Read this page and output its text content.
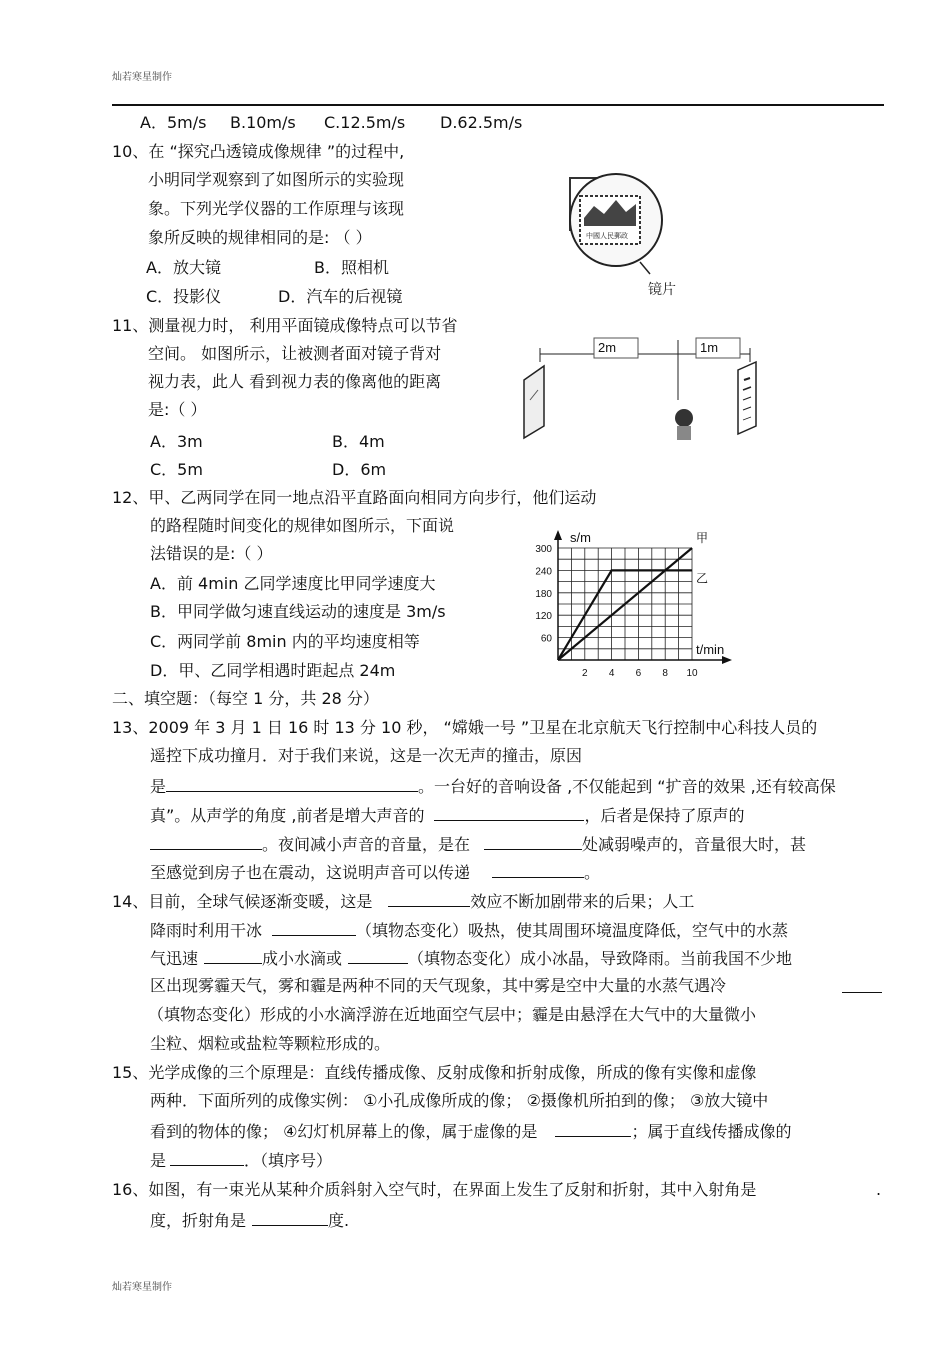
灿若寒星制作
A．5m/s B.10m/s C.12.5m/s D.62.5m/s
10、在 “探究凸透镜成像规律 ”的过程中,
小明同学观察到了如图所示的实验现
象。下列光学仪器的工作原理与该现
象所反映的规律相同的是: （ ）
A．放大镜	B．照相机
C．投影仪	D．汽车的后视镜
中國人民郵政
镜片
11、测量视力时， 利用平面镜成像特点可以节省
空间。 如图所示，让被测者面对镜子背对
视力表，此人 看到视力表的像离他的距离
是:（ ）
A．3m	B．4m
C．5m	D．6m
2m	1m
12、甲、乙两同学在同一地点沿平直路面向相同方向步行，他们运动
的路程随时间变化的规律如图所示，下面说
法错误的是:（ ）
A．前 4min 乙同学速度比甲同学速度大
B．甲同学做匀速直线运动的速度是 3m/s
C．两同学前 8min 内的平均速度相等
D．甲、乙同学相遇时距起点 24m
60
120
180
240
300
2 4 6 8 10
甲
乙
s/m
t/min
二、填空题：（每空 1 分，共 28 分）
13、2009 年 3 月 1 日 16 时 13 分 10 秒， “嫦娥一号 ”卫星在北京航天飞行控制中心科技人员的
遥控下成功撞月．对于我们来说，这是一次无声的撞击，原因
是	。一台好的音响设备 ,不仅能起到 “扩音的效果 ,还有较高保
真”。从声学的角度 ,前者是增大声音的	，后者是保持了原声的
。夜间减小声音的音量，是在	处减弱噪声的，音量很大时，甚
至感觉到房子也在震动，这说明声音可以传递	。
14、目前，全球气候逐渐变暖，这是	效应不断加剧带来的后果；人工
降雨时利用干冰	（填物态变化）吸热，使其周围环境温度降低，空气中的水蒸
气迅速	成小水滴或	（填物态变化）成小冰晶，导致降雨。当前我国不少地
区出现雾霾天气，雾和霾是两种不同的天气现象，其中雾是空中大量的水蒸气遇冷
（填物态变化）形成的小水滴浮游在近地面空气层中；霾是由悬浮在大气中的大量微小
尘粒、烟粒或盐粒等颗粒形成的。
15、光学成像的三个原理是：直线传播成像、反射成像和折射成像，所成的像有实像和虚像
两种．下面所列的成像实例： ①小孔成像所成的像； ②摄像机所拍到的像； ③放大镜中
看到的物体的像； ④幻灯机屏幕上的像，属于虚像的是	；属于直线传播成像的
是	．（填序号）
16、如图，有一束光从某种介质斜射入空气时，在界面上发生了反射和折射，其中入射角是	.
度，折射角是	度.
灿若寒星制作
